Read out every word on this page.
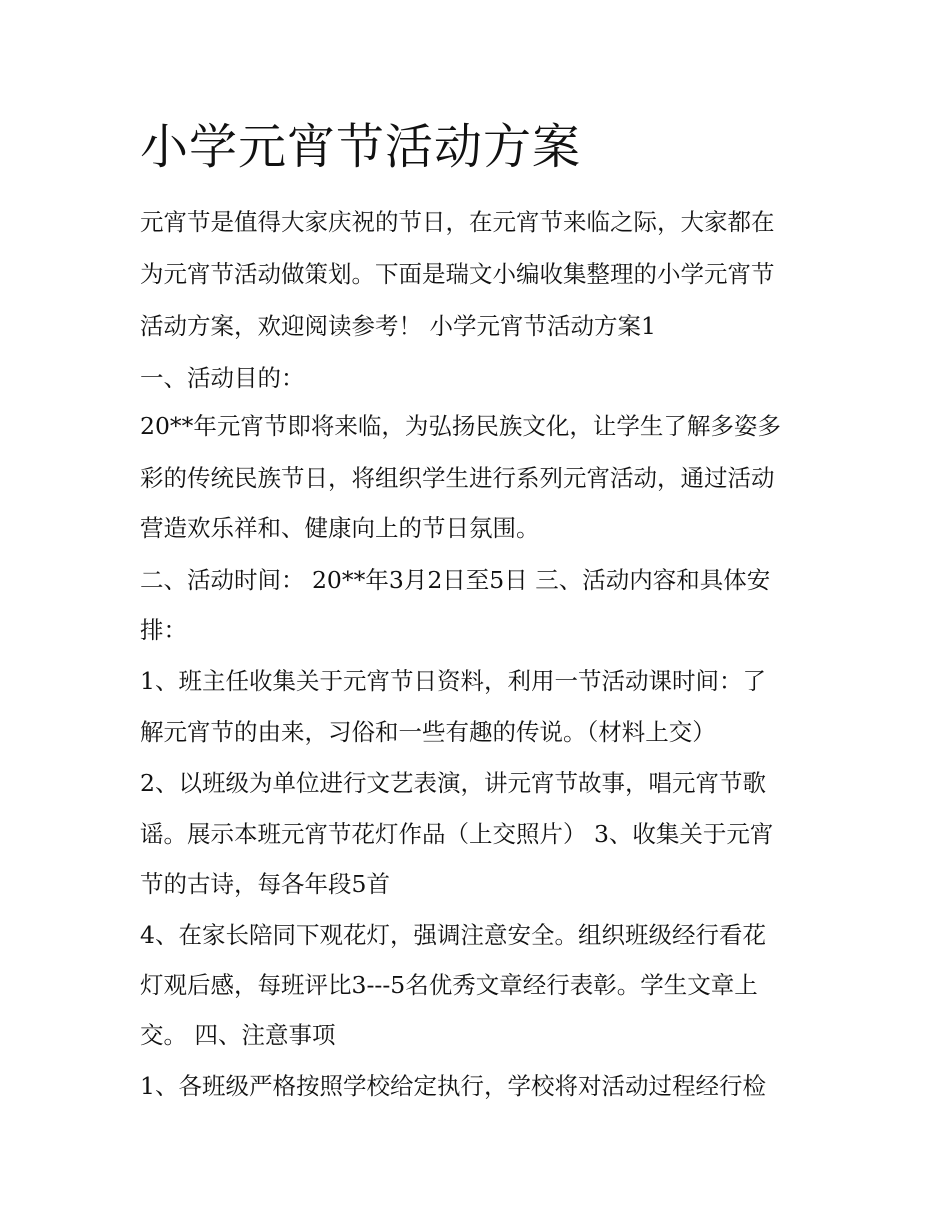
小学元宵节活动方案

元宵节是值得大家庆祝的节日，在元宵节来临之际，大家都在

为元宵节活动做策划。下面是瑞文小编收集整理的小学元宵节

活动方案，欢迎阅读参考！ 小学元宵节活动方案1

一、活动目的：

20**年元宵节即将来临，为弘扬民族文化，让学生了解多姿多

彩的传统民族节日，将组织学生进行系列元宵活动，通过活动

营造欢乐祥和、健康向上的节日氛围。

二、活动时间： 20**年3月2日至5日 三、活动内容和具体安

排：

1、班主任收集关于元宵节日资料，利用一节活动课时间：了

解元宵节的由来，习俗和一些有趣的传说。（材料上交）

2、以班级为单位进行文艺表演，讲元宵节故事，唱元宵节歌

谣。展示本班元宵节花灯作品（上交照片） 3、收集关于元宵

节的古诗，每各年段5首

4、在家长陪同下观花灯，强调注意安全。组织班级经行看花

灯观后感，每班评比3---5名优秀文章经行表彰。学生文章上

交。 四、注意事项

1、各班级严格按照学校给定执行，学校将对活动过程经行检
